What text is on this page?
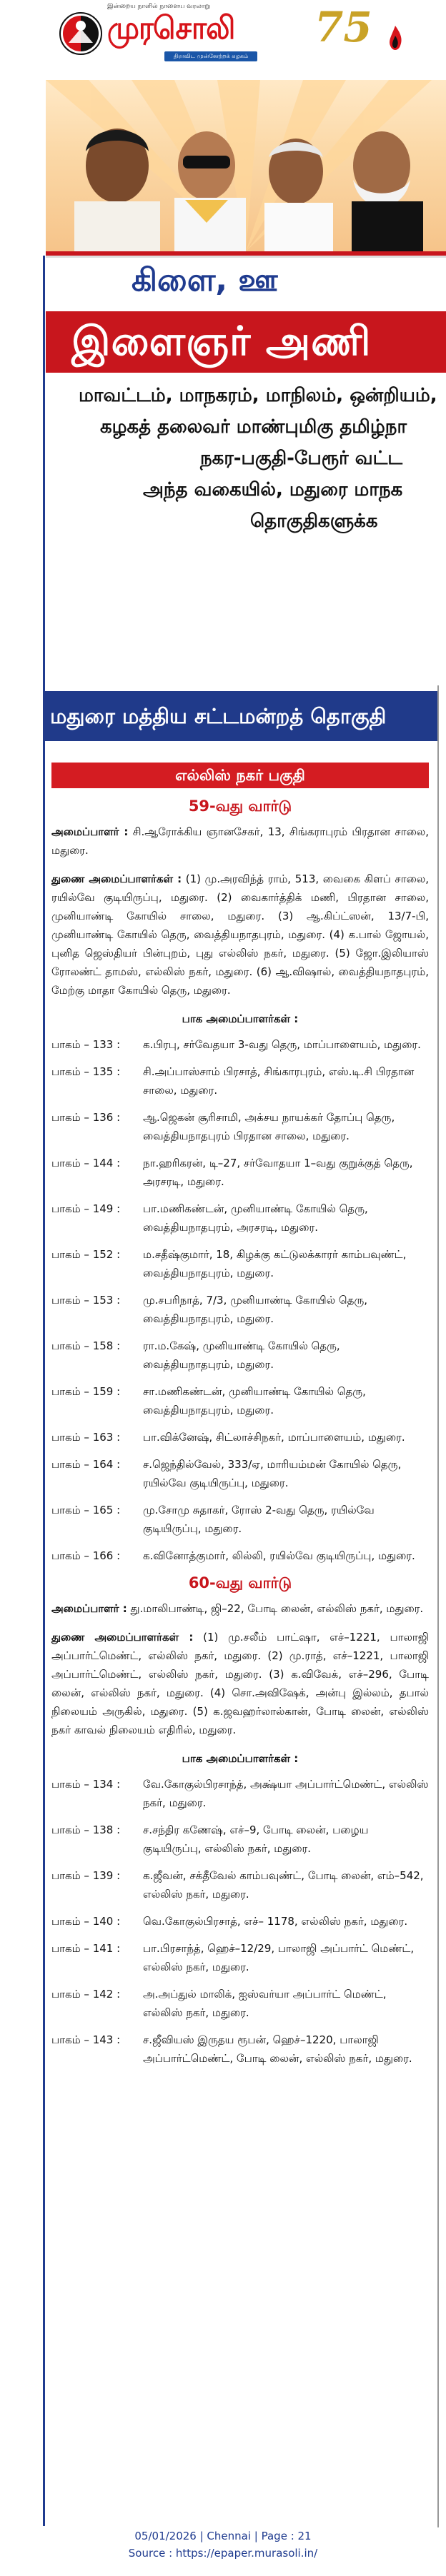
இன்றைய நாளில் நாளைய வரலாறு
முரசொலி
திராவிட முன்னேற்றக் கழகம்
75
கிளை, ஊ
இளைஞர் அணி
மாவட்டம், மாநகரம், மாநிலம், ஒன்றியம்,
கழகத் தலைவர் மாண்புமிகு தமிழ்நா
நகர-பகுதி-பேரூர் வட்ட
அந்த வகையில், மதுரை மாநக
தொகுதிகளுக்க
மதுரை மத்திய சட்டமன்றத் தொகுதி
எல்லிஸ் நகர் பகுதி
59-வது வார்டு
அமைப்பாளர் : சி.ஆரோக்கிய ஞானசேகர், 13, சிங்கராபுரம் பிரதான சாலை, மதுரை.
துணை அமைப்பாளர்கள் : (1) மு.அரவிந்த் ராம், 513, வைகை கிளப் சாலை, ரயில்வே குடியிருப்பு, மதுரை. (2) வைகார்த்திக் மணி, பிரதான சாலை, முனியாண்டி கோயில் சாலை, மதுரை. (3) ஆ.கிப்ட்ஸன், 13/7-பி, முனியாண்டி கோயில் தெரு, வைத்தியநாதபுரம், மதுரை. (4) க.பால் ஜோயல், புனித ஜெஸ்தியர் பின்புறம், புது எல்லிஸ் நகர், மதுரை. (5) ஜோ.இலியாஸ் ரோலண்ட் தாமஸ், எல்லிஸ் நகர், மதுரை. (6) ஆ.விஷால், வைத்தியநாதபுரம், மேற்கு மாதா கோயில் தெரு, மதுரை.
பாக அமைப்பாளர்கள் :
பாகம் – 133 :	க.பிரபு, சர்வேதயா 3-வது தெரு, மாப்பாளையம், மதுரை.
பாகம் – 135 :	சி.அப்பாஸ்சாம் பிரசாத், சிங்காரபுரம், எஸ்.டி.சி பிரதான சாலை, மதுரை.
பாகம் – 136 :	ஆ.ஜெகன் சூரிசாமி, அக்சய நாயக்கர் தோப்பு தெரு, வைத்தியநாதபுரம் பிரதான சாலை, மதுரை.
பாகம் – 144 :	நா.ஹரிகரன், டி–27, சர்வோதயா 1–வது குறுக்குத் தெரு, அரசரடி, மதுரை.
பாகம் – 149 :	பா.மணிகண்டன், முனியாண்டி கோயில் தெரு, வைத்தியநாதபுரம், அரசரடி, மதுரை.
பாகம் – 152 :	ம.சதீஷ்குமார், 18, கிழக்கு கட்டுலக்காரர் காம்பவுண்ட், வைத்தியநாதபுரம், மதுரை.
பாகம் – 153 :	மு.சபரிநாத், 7/3, முனியாண்டி கோயில் தெரு, வைத்தியநாதபுரம், மதுரை.
பாகம் – 158 :	ரா.ம.கேஷ், முனியாண்டி கோயில் தெரு, வைத்தியநாதபுரம், மதுரை.
பாகம் – 159 :	சா.மணிகண்டன், முனியாண்டி கோயில் தெரு, வைத்தியநாதபுரம், மதுரை.
பாகம் – 163 :	பா.விக்னேஷ், சிட்லாச்சிநகர், மாப்பாளையம், மதுரை.
பாகம் – 164 :	ச.ஜெந்தில்வேல், 333/ஏ, மாரியம்மன் கோயில் தெரு, ரயில்வே குடியிருப்பு, மதுரை.
பாகம் – 165 :	மு.சோமு சுதாகர், ரோஸ் 2-வது தெரு, ரயில்வே குடியிருப்பு, மதுரை.
பாகம் – 166 :	க.வினோத்குமார், லில்லி, ரயில்வே குடியிருப்பு, மதுரை.
60-வது வார்டு
அமைப்பாளர் : து.மாலிபாண்டி, ஜி–22, போடி லைன், எல்லிஸ் நகர், மதுரை.
துணை அமைப்பாளர்கள் : (1) மு.சலீம் பாட்ஷா, எச்–1221, பாலாஜி அப்பார்ட்மெண்ட், எல்லிஸ் நகர், மதுரை. (2) மு.ராத், எச்–1221, பாலாஜி அப்பார்ட்மெண்ட், எல்லிஸ் நகர், மதுரை. (3) க.விவேக், எச்–296, போடி லைன், எல்லிஸ் நகர், மதுரை. (4) சொ.அவிஷேக், அன்பு இல்லம், தபால் நிலையம் அருகில், மதுரை. (5) க.ஜவஹர்லால்கான், போடி லைன், எல்லிஸ் நகர் காவல் நிலையம் எதிரில், மதுரை.
பாக அமைப்பாளர்கள் :
பாகம் – 134 :	வே.கோகுல்பிரசாந்த், அக்ஷ்யா அப்பார்ட்மெண்ட், எல்லிஸ் நகர், மதுரை.
பாகம் – 138 :	ச.சந்திர கணேஷ், எச்–9, போடி லைன், பழைய குடியிருப்பு, எல்லிஸ் நகர், மதுரை.
பாகம் – 139 :	க.ஜீவன், சக்தீவேல் காம்பவுண்ட், போடி லைன், எம்–542, எல்லிஸ் நகர், மதுரை.
பாகம் – 140 :	வெ.கோகுல்பிரசாத், எச்– 1178, எல்லிஸ் நகர், மதுரை.
பாகம் – 141 :	பா.பிரசாந்த், ஹெச்–12/29, பாலாஜி அப்பார்ட் மெண்ட், எல்லிஸ் நகர், மதுரை.
பாகம் – 142 :	அ.அப்துல் மாலிக், ஐஸ்வர்யா அப்பார்ட் மெண்ட், எல்லிஸ் நகர், மதுரை.
பாகம் – 143 :	ச.ஜீவியஸ் இருதய ரூபன், ஹெச்–1220, பாலாஜி அப்பார்ட்மெண்ட், போடி லைன், எல்லிஸ் நகர், மதுரை.
05/01/2026 | Chennai | Page : 21
Source : https://epaper.murasoli.in/
